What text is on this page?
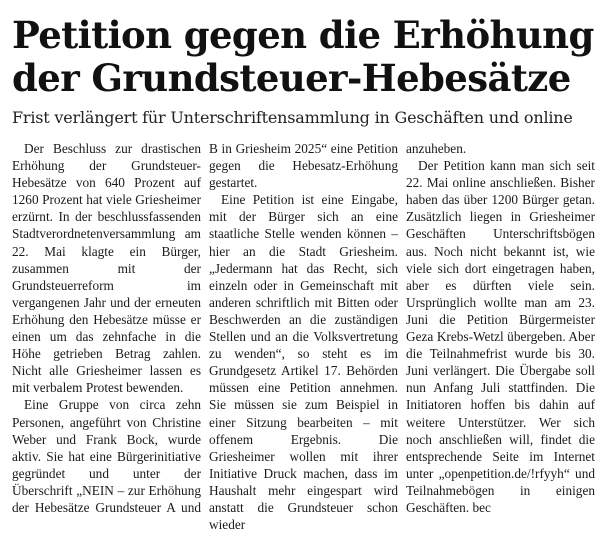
Petition gegen die Erhöhung
der Grundsteuer-Hebesätze
Frist verlängert für Unterschriftensammlung in Geschäften und online

Der Beschluss zur drastischen Erhöhung der Grundsteuer-Hebesätze von 640 Prozent auf 1260 Prozent hat viele Griesheimer erzürnt. In der beschlussfassenden Stadtverordnetenversammlung am 22. Mai klagte ein Bürger, zusammen mit der Grundsteuerreform im vergangenen Jahr und der erneuten Erhöhung den Hebesätze müsse er einen um das zehnfache in die Höhe getrieben Betrag zahlen. Nicht alle Griesheimer lassen es mit verbalem Protest bewenden.

Eine Gruppe von circa zehn Personen, angeführt von Christine Weber und Frank Bock, wurde aktiv. Sie hat eine Bürgerinitiative gegründet und unter der Überschrift „NEIN – zur Erhöhung der Hebesätze Grundsteuer A und

B in Griesheim 2025“ eine Petition gegen die Hebesatz-Erhöhung gestartet.

Eine Petition ist eine Eingabe, mit der Bürger sich an eine staatliche Stelle wenden können – hier an die Stadt Griesheim. „Jedermann hat das Recht, sich einzeln oder in Gemeinschaft mit anderen schriftlich mit Bitten oder Beschwerden an die zuständigen Stellen und an die Volksvertretung zu wenden“, so steht es im Grundgesetz Artikel 17. Behörden müssen eine Petition annehmen. Sie müssen sie zum Beispiel in einer Sitzung bearbeiten – mit offenem Ergebnis. Die Griesheimer wollen mit ihrer Initiative Druck machen, dass im Haushalt mehr eingespart wird anstatt die Grundsteuer schon wieder

anzuheben.

Der Petition kann man sich seit 22. Mai online anschließen. Bisher haben das über 1200 Bürger getan. Zusätzlich liegen in Griesheimer Geschäften Unterschriftsbögen aus. Noch nicht bekannt ist, wie viele sich dort eingetragen haben, aber es dürften viele sein. Ursprünglich wollte man am 23. Juni die Petition Bürgermeister Geza Krebs-Wetzl übergeben. Aber die Teilnahmefrist wurde bis 30. Juni verlängert. Die Übergabe soll nun Anfang Juli stattfinden. Die Initiatoren hoffen bis dahin auf weitere Unterstützer. Wer sich noch anschließen will, findet die entsprechende Seite im Internet unter „openpetition.de/!rfyyh“ und Teilnahmebögen in einigen Geschäften. bec
